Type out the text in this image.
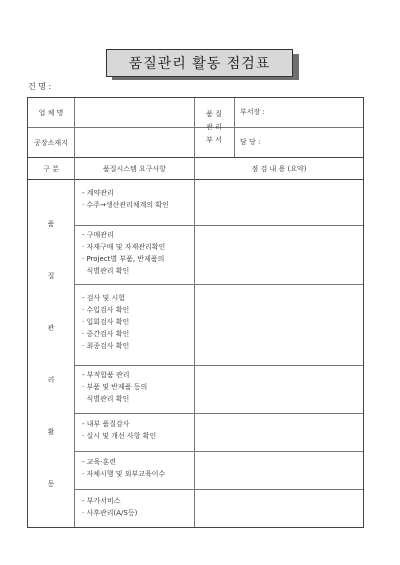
품질관리 활동 점검표
건 명 :
업 체 명
공장소재지
품 질
관 리
부 서
부서장 :
담 당 :
구 분	품질시스템 요구사항	점 검 내 용 (요약)
품
질
관
리
활
동
- 계약관리
· 수주→생산관리체계의 확인
- 구매관리
· 자재구매 및 자재관리확인
· Project별 부품, 반제품의
식별관리 확인
- 검사 및 시험
· 수입검사 확인
· 입회검사 확인
· 중간검사 확인
· 최종검사 확인
- 부적합품 관리
· 부품 및 반제품 등의
식별관리 확인
- 내부 품질감사
· 실시 및 개선 사항 확인
- 교육·훈련
· 자체시행 및 외부교육이수
- 부가서비스
· 사후관리(A/S등)
